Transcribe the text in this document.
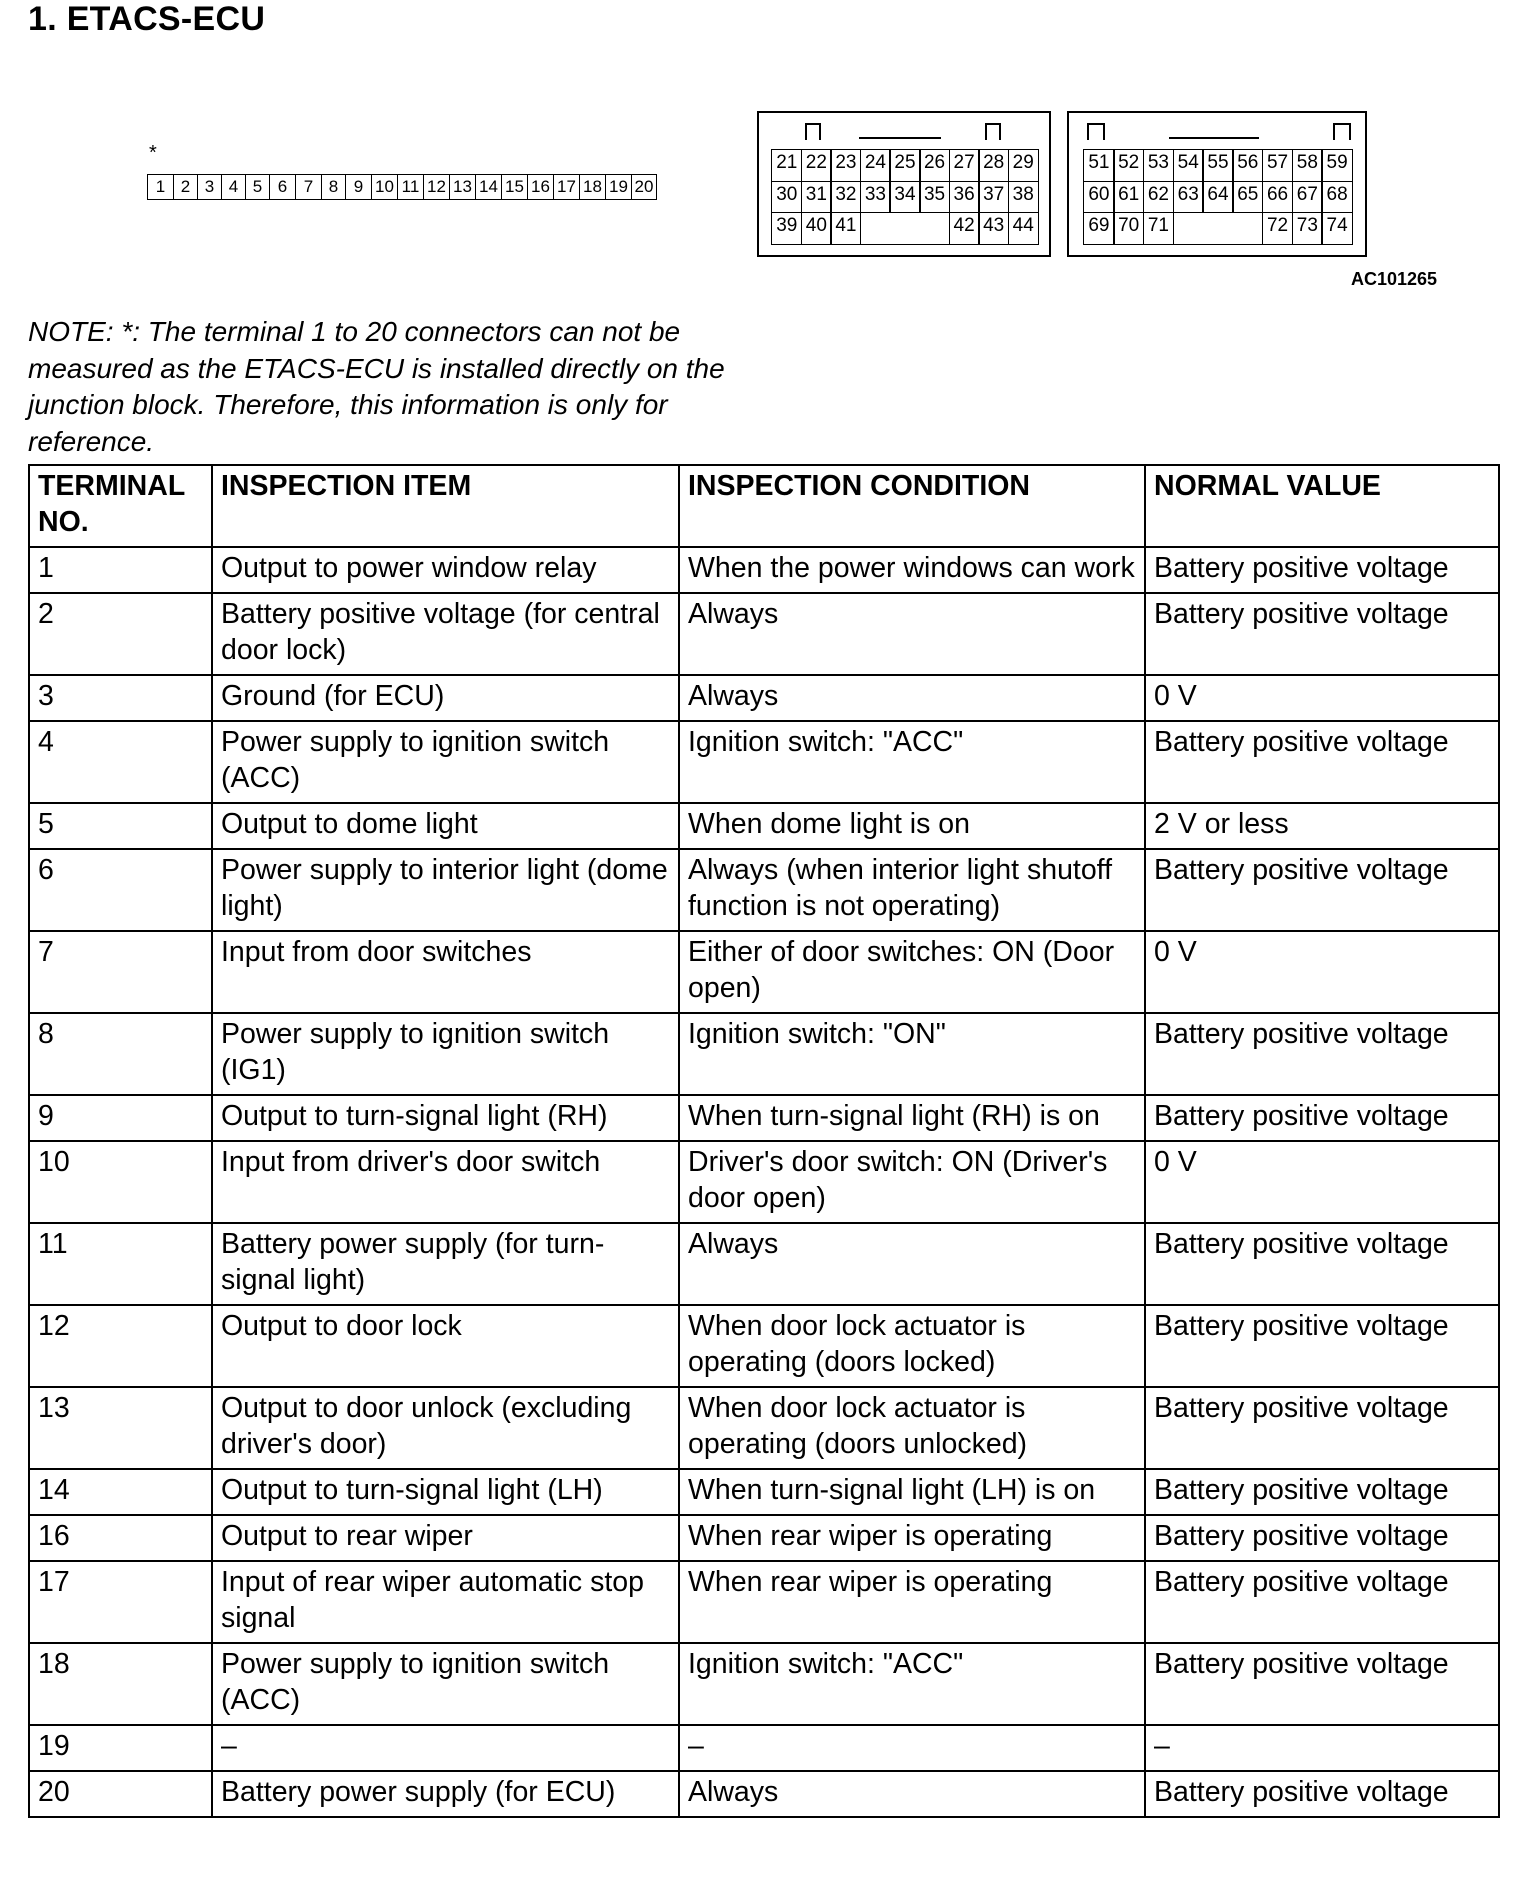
1. ETACS-ECU
*
1 2 3 4 5 6 7 8 9 10 11 12 13 14 15 16 17 18 19 20
21 22 23 24 25 26 27 28 29
30 31 32 33 34 35 36 37 38
39 40 41	42 43 44
51 52 53 54 55 56 57 58 59
60 61 62 63 64 65 66 67 68
69 70 71	72 73 74
AC101265

NOTE: *: The terminal 1 to 20 connectors can not be measured as the ETACS-ECU is installed directly on the junction block. Therefore, this information is only for reference.

TERMINAL NO.	INSPECTION ITEM	INSPECTION CONDITION	NORMAL VALUE
1	Output to power window relay	When the power windows can work	Battery positive voltage
2	Battery positive voltage (for central door lock)	Always	Battery positive voltage
3	Ground (for ECU)	Always	0 V
4	Power supply to ignition switch (ACC)	Ignition switch: "ACC"	Battery positive voltage
5	Output to dome light	When dome light is on	2 V or less
6	Power supply to interior light (dome light)	Always (when interior light shutoff function is not operating)	Battery positive voltage
7	Input from door switches	Either of door switches: ON (Door open)	0 V
8	Power supply to ignition switch (IG1)	Ignition switch: "ON"	Battery positive voltage
9	Output to turn-signal light (RH)	When turn-signal light (RH) is on	Battery positive voltage
10	Input from driver's door switch	Driver's door switch: ON (Driver's door open)	0 V
11	Battery power supply (for turn-signal light)	Always	Battery positive voltage
12	Output to door lock	When door lock actuator is operating (doors locked)	Battery positive voltage
13	Output to door unlock (excluding driver's door)	When door lock actuator is operating (doors unlocked)	Battery positive voltage
14	Output to turn-signal light (LH)	When turn-signal light (LH) is on	Battery positive voltage
16	Output to rear wiper	When rear wiper is operating	Battery positive voltage
17	Input of rear wiper automatic stop signal	When rear wiper is operating	Battery positive voltage
18	Power supply to ignition switch (ACC)	Ignition switch: "ACC"	Battery positive voltage
19	–	–	–
20	Battery power supply (for ECU)	Always	Battery positive voltage
